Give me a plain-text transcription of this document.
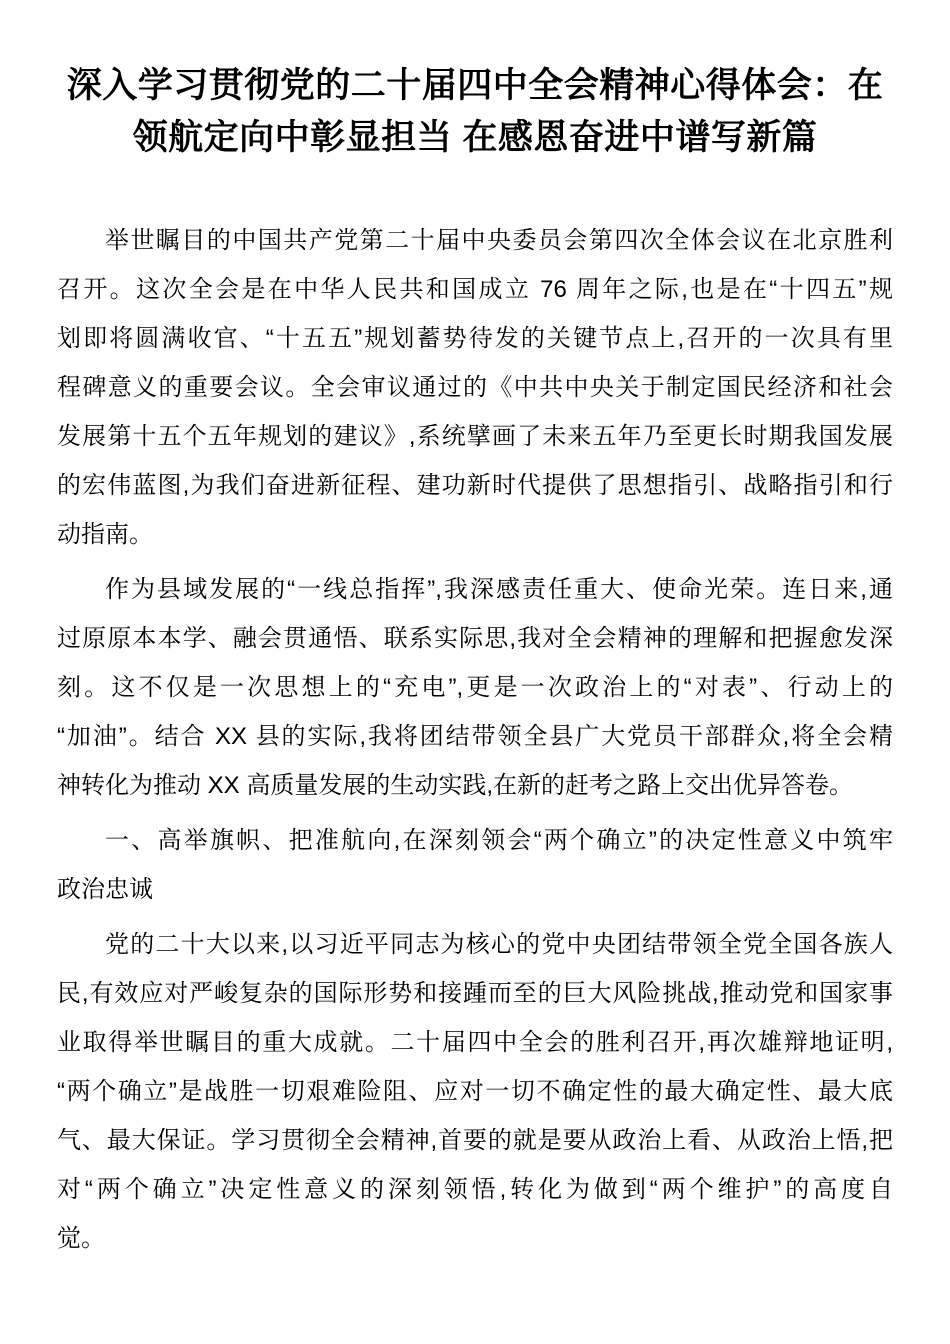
深入学习贯彻党的二十届四中全会精神心得体会：在
领航定向中彰显担当 在感恩奋进中谱写新篇

举世瞩目的中国共产党第二十届中央委员会第四次全体会议在北京胜利
召开。这次全会是在中华人民共和国成立 76 周年之际,也是在“十四五”规
划即将圆满收官、“十五五”规划蓄势待发的关键节点上,召开的一次具有里
程碑意义的重要会议。全会审议通过的《中共中央关于制定国民经济和社会
发展第十五个五年规划的建议》,系统擘画了未来五年乃至更长时期我国发展
的宏伟蓝图,为我们奋进新征程、建功新时代提供了思想指引、战略指引和行
动指南。

作为县域发展的“一线总指挥”,我深感责任重大、使命光荣。连日来,通
过原原本本学、融会贯通悟、联系实际思,我对全会精神的理解和把握愈发深
刻。这不仅是一次思想上的“充电”,更是一次政治上的“对表”、行动上的
“加油”。结合 XX 县的实际,我将团结带领全县广大党员干部群众,将全会精
神转化为推动 XX 高质量发展的生动实践,在新的赶考之路上交出优异答卷。

一、高举旗帜、把准航向,在深刻领会“两个确立”的决定性意义中筑牢
政治忠诚

党的二十大以来,以习近平同志为核心的党中央团结带领全党全国各族人
民,有效应对严峻复杂的国际形势和接踵而至的巨大风险挑战,推动党和国家事
业取得举世瞩目的重大成就。二十届四中全会的胜利召开,再次雄辩地证明,
“两个确立”是战胜一切艰难险阻、应对一切不确定性的最大确定性、最大底
气、最大保证。学习贯彻全会精神,首要的就是要从政治上看、从政治上悟,把
对“两个确立”决定性意义的深刻领悟,转化为做到“两个维护”的高度自
觉。
